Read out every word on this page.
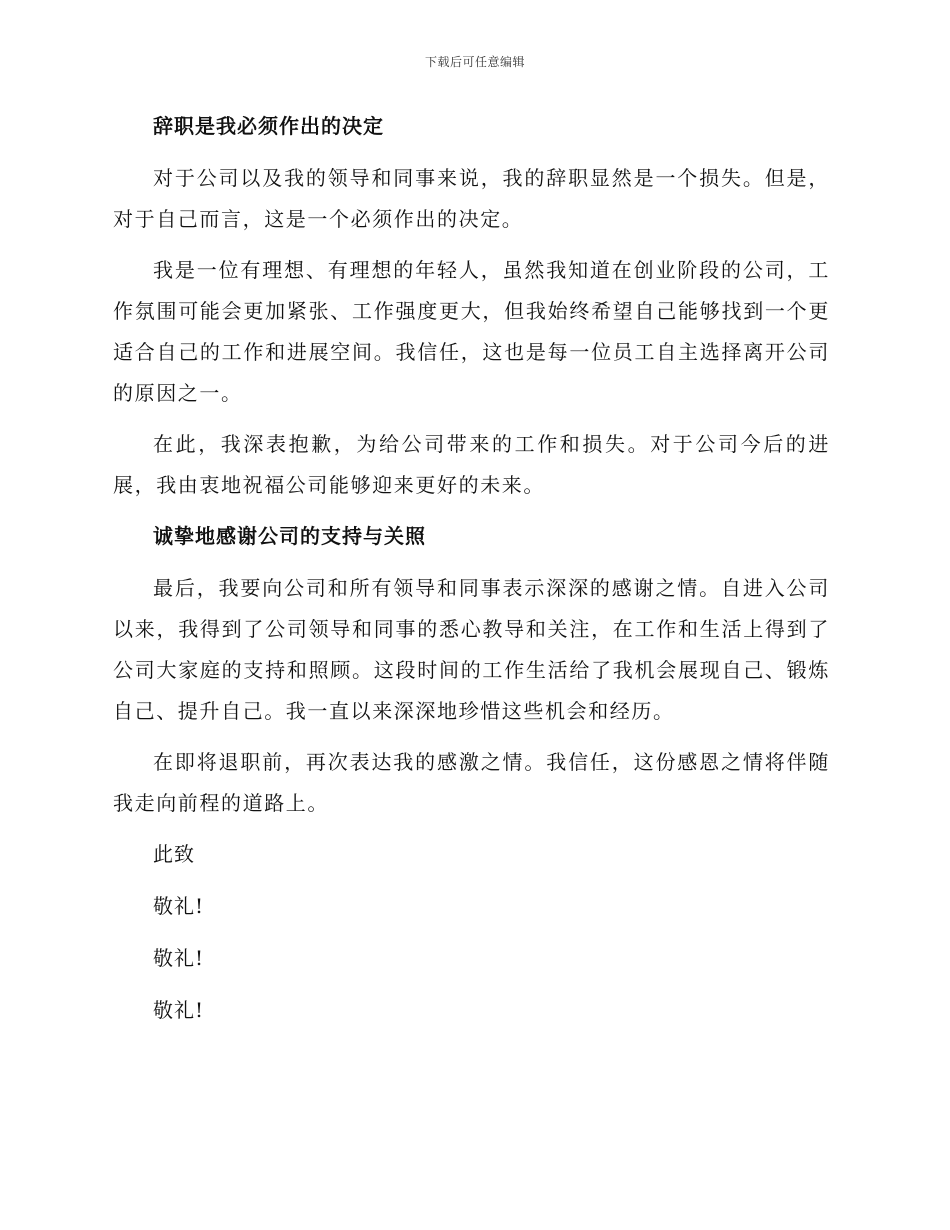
下载后可任意编辑

辞职是我必须作出的决定

对于公司以及我的领导和同事来说，我的辞职显然是一个损失。但是，对于自己而言，这是一个必须作出的决定。

我是一位有理想、有理想的年轻人，虽然我知道在创业阶段的公司，工作氛围可能会更加紧张、工作强度更大，但我始终希望自己能够找到一个更适合自己的工作和进展空间。我信任，这也是每一位员工自主选择离开公司的原因之一。

在此，我深表抱歉，为给公司带来的工作和损失。对于公司今后的进展，我由衷地祝福公司能够迎来更好的未来。

诚挚地感谢公司的支持与关照

最后，我要向公司和所有领导和同事表示深深的感谢之情。自进入公司以来，我得到了公司领导和同事的悉心教导和关注，在工作和生活上得到了公司大家庭的支持和照顾。这段时间的工作生活给了我机会展现自己、锻炼自己、提升自己。我一直以来深深地珍惜这些机会和经历。

在即将退职前，再次表达我的感激之情。我信任，这份感恩之情将伴随我走向前程的道路上。

此致

敬礼!

敬礼!

敬礼!
